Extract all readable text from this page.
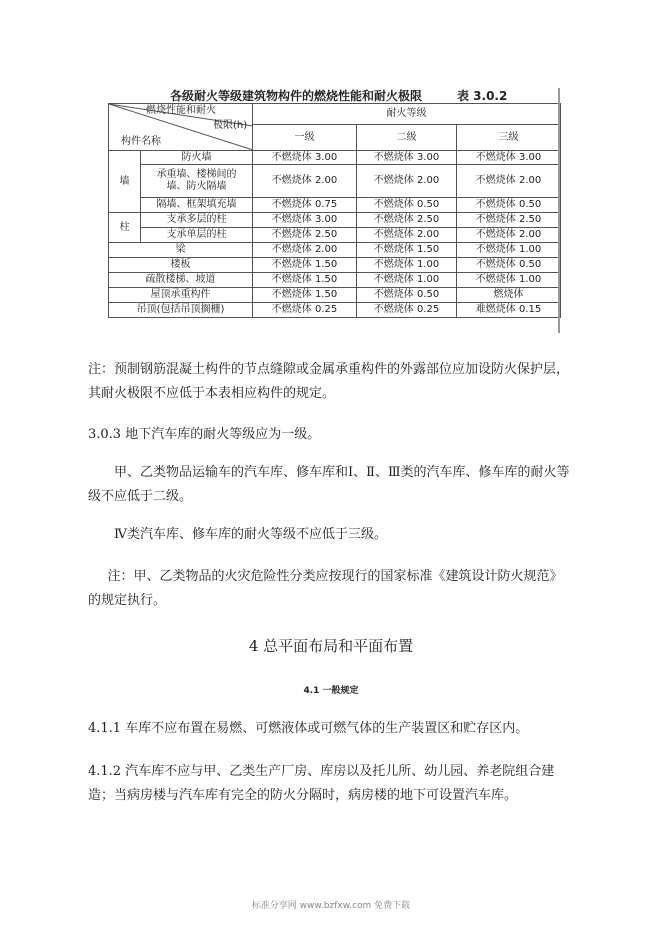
各级耐火等级建筑物构件的燃烧性能和耐火极限	表 3.0.2
燃烧性能和耐火
极限(h)
构件名称		耐火等级		
		一级	二级	三级
墙	防火墙	不燃烧体 3.00	不燃烧体 3.00	不燃烧体 3.00
	承重墙、楼梯间的墙、防火隔墙	不燃烧体 2.00	不燃烧体 2.00	不燃烧体 2.00
	隔墙、框架填充墙	不燃烧体 0.75	不燃烧体 0.50	不燃烧体 0.50
柱	支承多层的柱	不燃烧体 3.00	不燃烧体 2.50	不燃烧体 2.50
	支承单层的柱	不燃烧体 2.50	不燃烧体 2.00	不燃烧体 2.00
梁		不燃烧体 2.00	不燃烧体 1.50	不燃烧体 1.00
楼板		不燃烧体 1.50	不燃烧体 1.00	不燃烧体 0.50
疏散楼梯、坡道		不燃烧体 1.50	不燃烧体 1.00	不燃烧体 1.00
屋顶承重构件		不燃烧体 1.50	不燃烧体 0.50	燃烧体
吊顶(包括吊顶搁栅)		不燃烧体 0.25	不燃烧体 0.25	难燃烧体 0.15

注：预制钢筋混凝土构件的节点缝隙或金属承重构件的外露部位应加设防火保护层，其耐火极限不应低于本表相应构件的规定。

3.0.3 地下汽车库的耐火等级应为一级。

甲、乙类物品运输车的汽车库、修车库和Ⅰ、Ⅱ、Ⅲ类的汽车库、修车库的耐火等级不应低于二级。

Ⅳ类汽车库、修车库的耐火等级不应低于三级。

注：甲、乙类物品的火灾危险性分类应按现行的国家标准《建筑设计防火规范》的规定执行。

4 总平面布局和平面布置

4.1 一般规定

4.1.1 车库不应布置在易燃、可燃液体或可燃气体的生产装置区和贮存区内。

4.1.2 汽车库不应与甲、乙类生产厂房、库房以及托儿所、幼儿园、养老院组合建造；当病房楼与汽车库有完全的防火分隔时，病房楼的地下可设置汽车库。

标准分享网 www.bzfxw.com 免费下载
